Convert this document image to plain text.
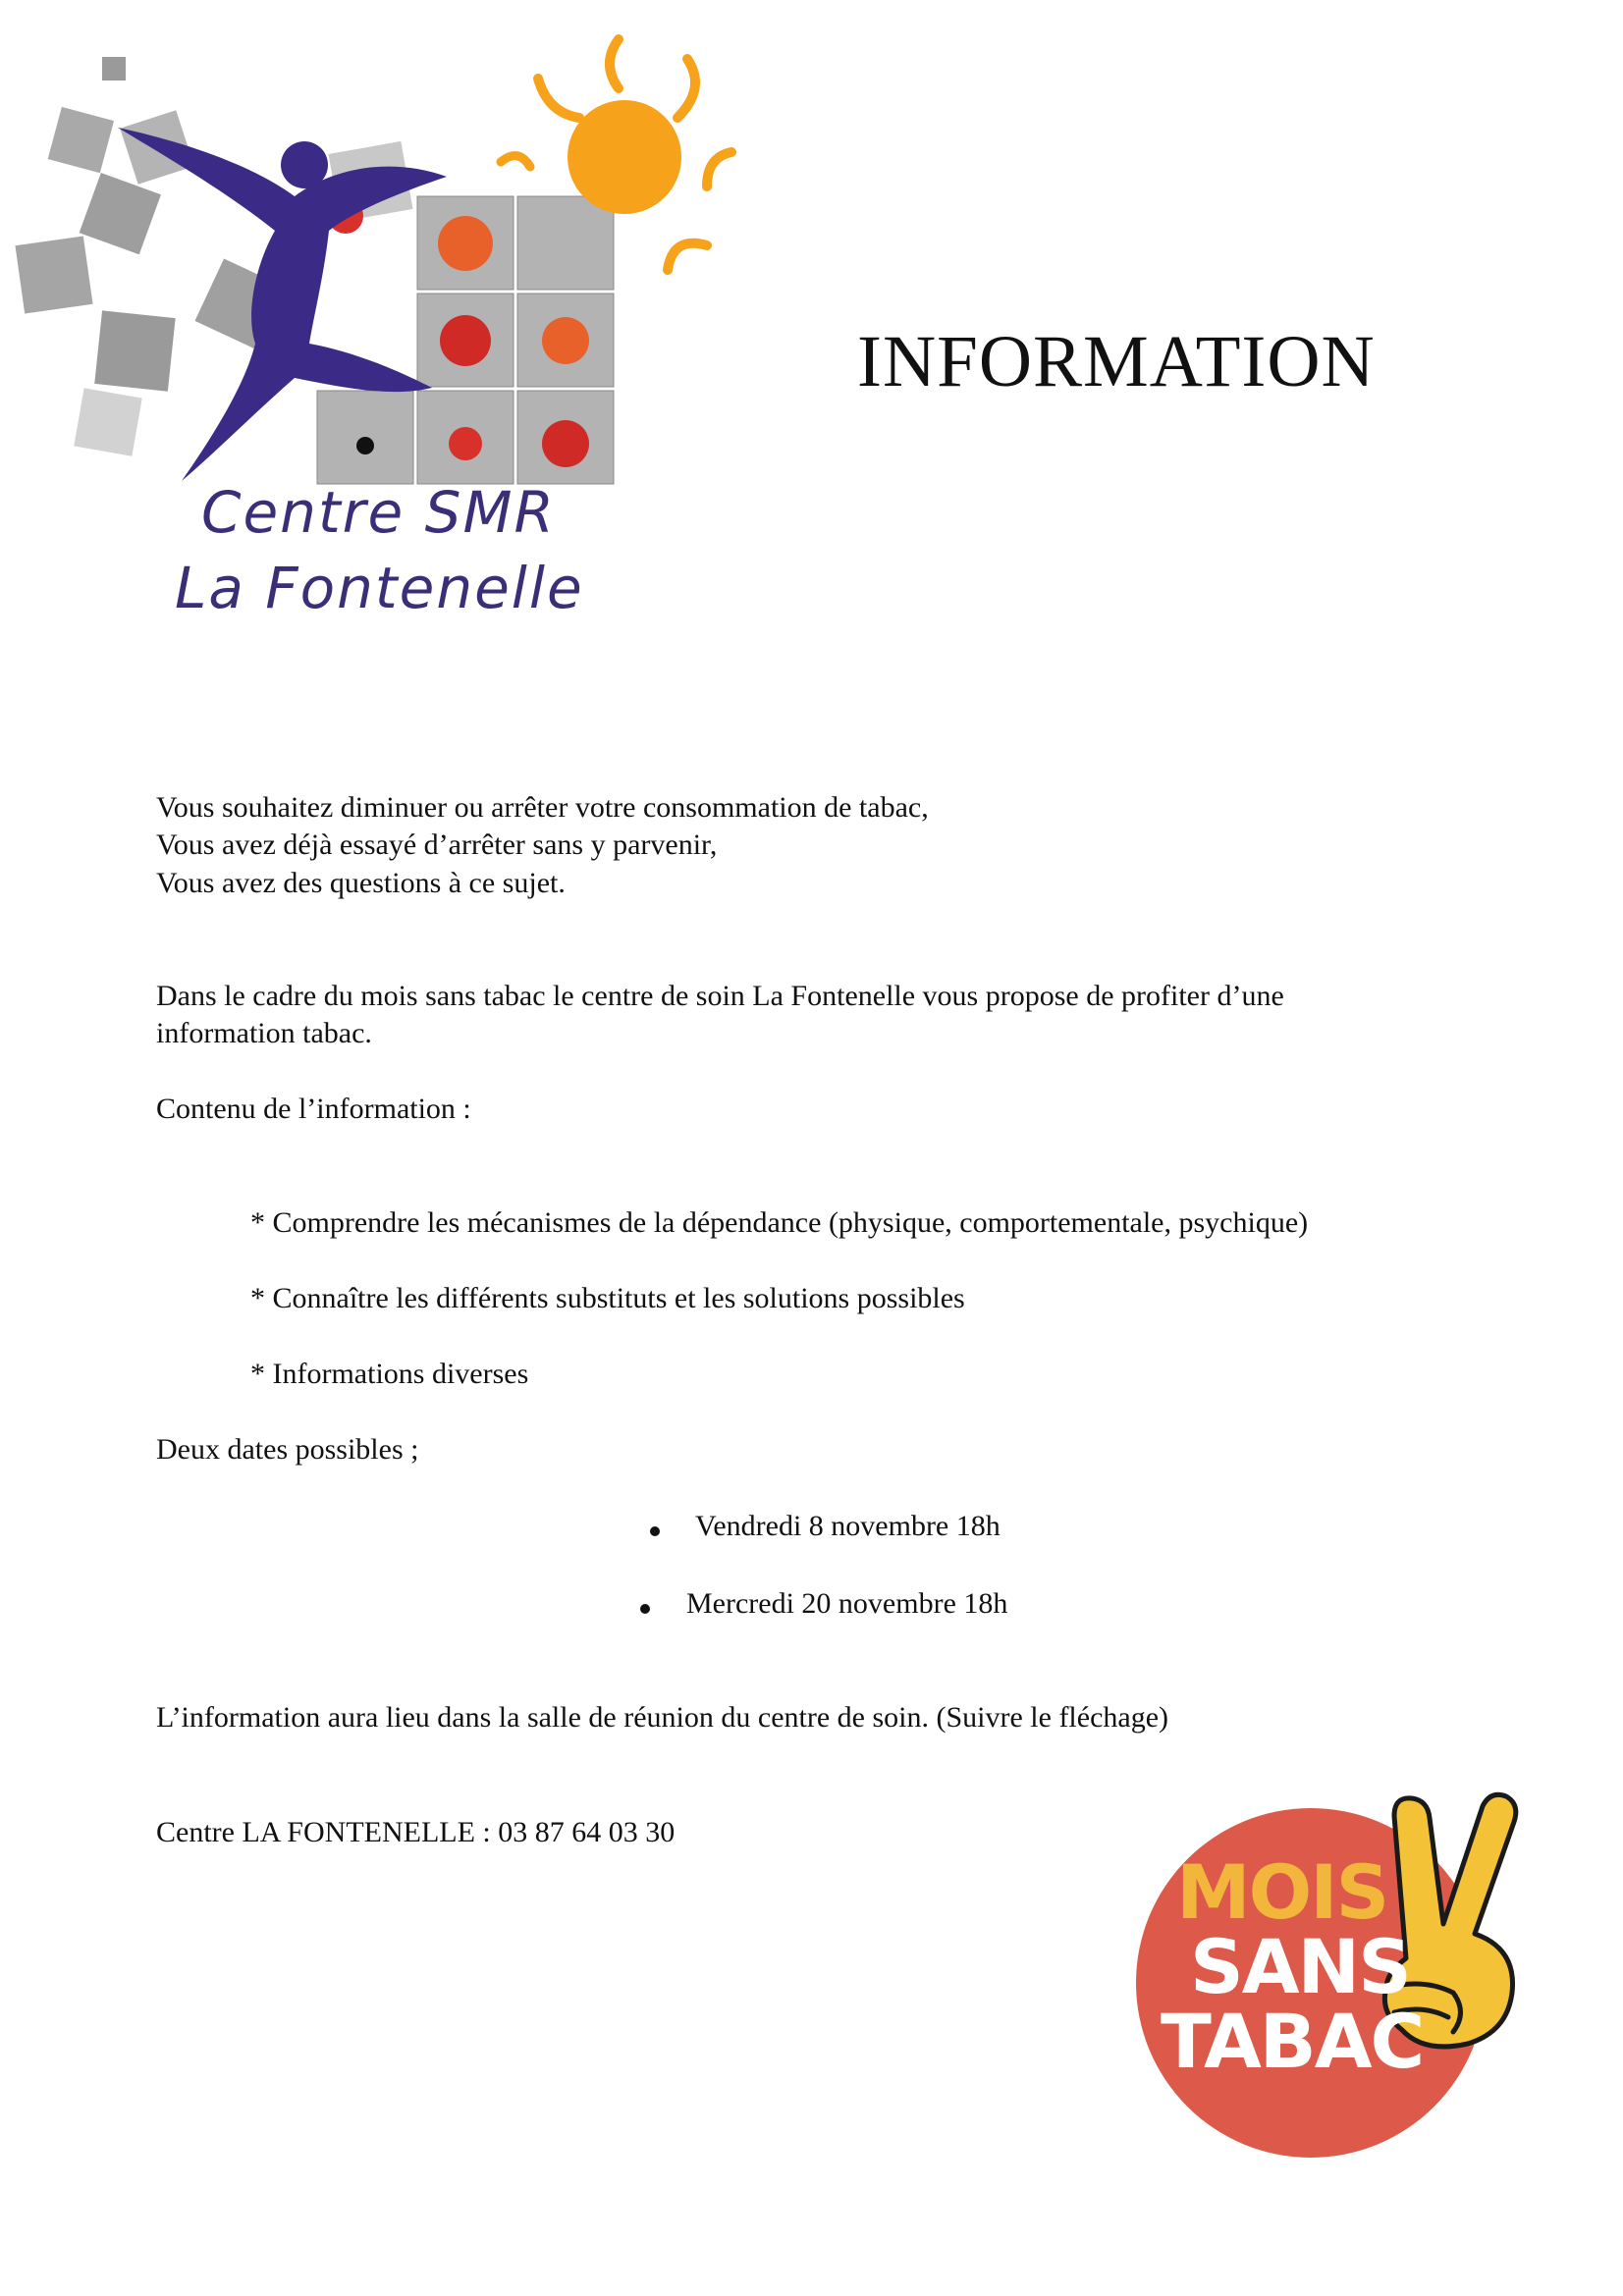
Centre SMR
La Fontenelle
INFORMATION
Vous souhaitez diminuer ou arrêter votre consommation de tabac,
Vous avez déjà essayé d’arrêter sans y parvenir,
Vous avez des questions à ce sujet.
Dans le cadre du mois sans tabac le centre de soin La Fontenelle vous propose de profiter d’une
information tabac.
Contenu de l’information :
* Comprendre les mécanismes de la dépendance (physique, comportementale, psychique)
* Connaître les différents substituts et les solutions possibles
* Informations diverses
Deux dates possibles ;
Vendredi 8 novembre 18h
Mercredi 20 novembre 18h
L’information aura lieu dans la salle de réunion du centre de soin. (Suivre le fléchage)
Centre LA FONTENELLE : 03 87 64 03 30
MOIS
SANS
TABAC
